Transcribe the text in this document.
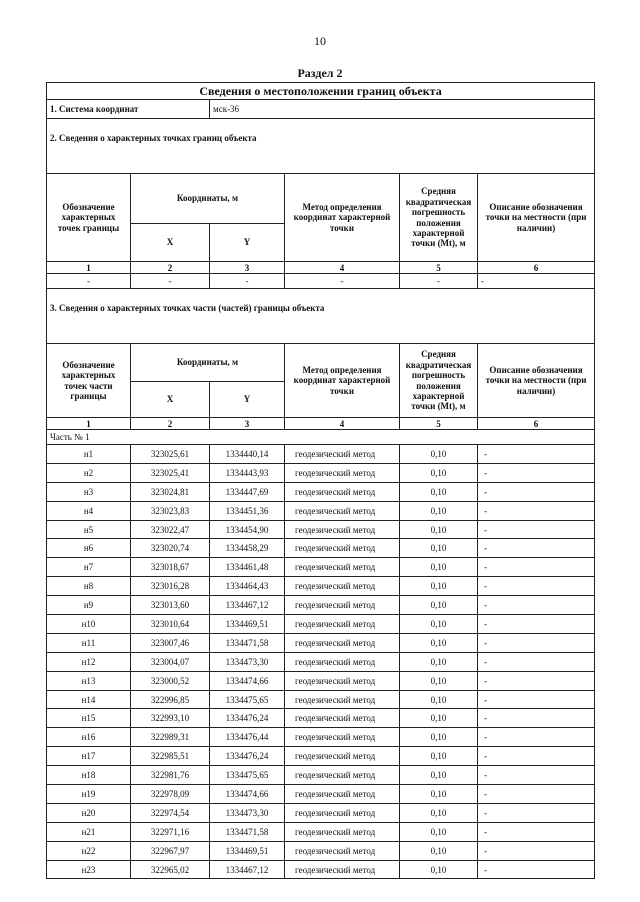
10
Раздел 2
Сведения о местоположении границ объекта					
1. Система координат		мск-36			
2. Сведения о характерных точках границ объекта					
Обозначение характерных точек границы	Координаты, м		Метод определения координат характерной точки	Средняя квадратическая погрешность положения характерной точки (Mt), м	Описание обозначения точки на местности (при наличии)
	X	Y			
1	2	3	4	5	6
-	-	-	-	-	-
3. Сведения о характерных точках части (частей) границы объекта					
Обозначение характерных точек части границы	Координаты, м		Метод определения координат характерной точки	Средняя квадратическая погрешность положения характерной точки (Mt), м	Описание обозначения точки на местности (при наличии)
	X	Y			
1	2	3	4	5	6
Часть № 1					
н1	323025,61	1334440,14	геодезический метод	0,10	-
н2	323025,41	1334443,93	геодезический метод	0,10	-
н3	323024,81	1334447,69	геодезический метод	0,10	-
н4	323023,83	1334451,36	геодезический метод	0,10	-
н5	323022,47	1334454,90	геодезический метод	0,10	-
н6	323020,74	1334458,29	геодезический метод	0,10	-
н7	323018,67	1334461,48	геодезический метод	0,10	-
н8	323016,28	1334464,43	геодезический метод	0,10	-
н9	323013,60	1334467,12	геодезический метод	0,10	-
н10	323010,64	1334469,51	геодезический метод	0,10	-
н11	323007,46	1334471,58	геодезический метод	0,10	-
н12	323004,07	1334473,30	геодезический метод	0,10	-
н13	323000,52	1334474,66	геодезический метод	0,10	-
н14	322996,85	1334475,65	геодезический метод	0,10	-
н15	322993,10	1334476,24	геодезический метод	0,10	-
н16	322989,31	1334476,44	геодезический метод	0,10	-
н17	322985,51	1334476,24	геодезический метод	0,10	-
н18	322981,76	1334475,65	геодезический метод	0,10	-
н19	322978,09	1334474,66	геодезический метод	0,10	-
н20	322974,54	1334473,30	геодезический метод	0,10	-
н21	322971,16	1334471,58	геодезический метод	0,10	-
н22	322967,97	1334469,51	геодезический метод	0,10	-
н23	322965,02	1334467,12	геодезический метод	0,10	-
